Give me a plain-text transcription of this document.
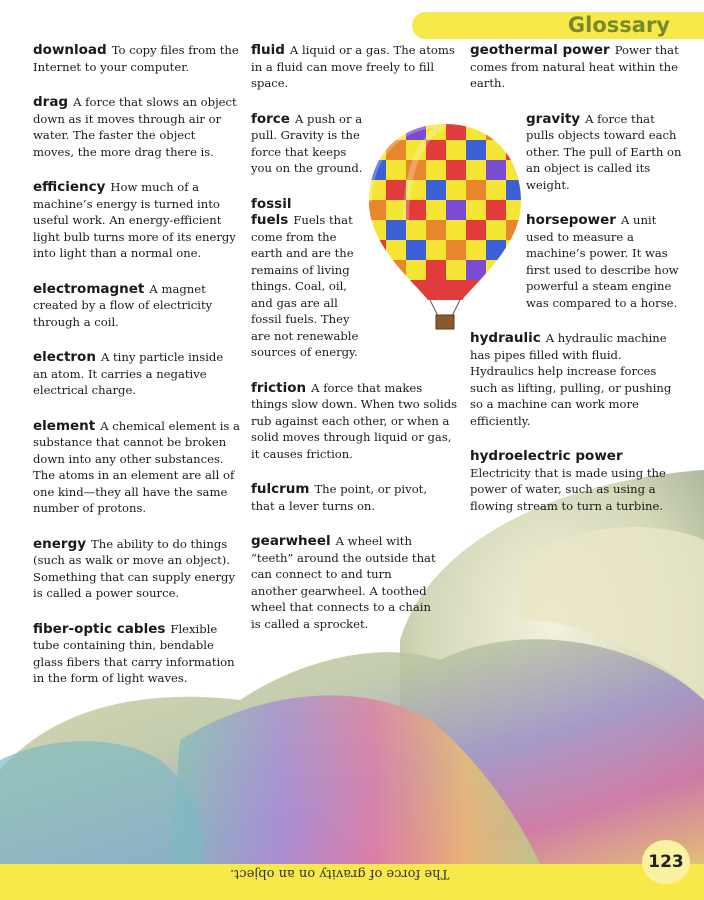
Glossary

download To copy files from the Internet to your computer.

drag A force that slows an object down as it moves through air or water. The faster the object moves, the more drag there is.

efficiency How much of a machine’s energy is turned into useful work. An energy-efficient light bulb turns more of its energy into light than a normal one.

electromagnet A magnet created by a flow of electricity through a coil.

electron A tiny particle inside an atom. It carries a negative electrical charge.

element A chemical element is a substance that cannot be broken down into any other substances. The atoms in an element are all of one kind—they all have the same number of protons.

energy The ability to do things (such as walk or move an object). Something that can supply energy is called a power source.

fiber-optic cables Flexible tube containing thin, bendable glass fibers that carry information in the form of light waves.

fluid A liquid or a gas. The atoms in a fluid can move freely to fill space.

force A push or a pull. Gravity is the force that keeps you on the ground.

fossil fuels Fuels that come from the earth and are the remains of living things. Coal, oil, and gas are all fossil fuels. They are not renewable sources of energy.

friction A force that makes things slow down. When two solids rub against each other, or when a solid moves through liquid or gas, it causes friction.

fulcrum The point, or pivot, that a lever turns on.

gearwheel A wheel with “teeth” around the outside that can connect to and turn another gearwheel. A toothed wheel that connects to a chain is called a sprocket.

geothermal power Power that comes from natural heat within the earth.

gravity A force that pulls objects toward each other. The pull of Earth on an object is called its weight.

horsepower A unit used to measure a machine’s power. It was first used to describe how powerful a steam engine was compared to a horse.

hydraulic A hydraulic machine has pipes filled with fluid. Hydraulics help increase forces such as lifting, pulling, or pushing so a machine can work more efficiently.

hydroelectric power
Electricity that is made using the power of water, such as using a flowing stream to turn a turbine.

The force of gravity on an object.
123
